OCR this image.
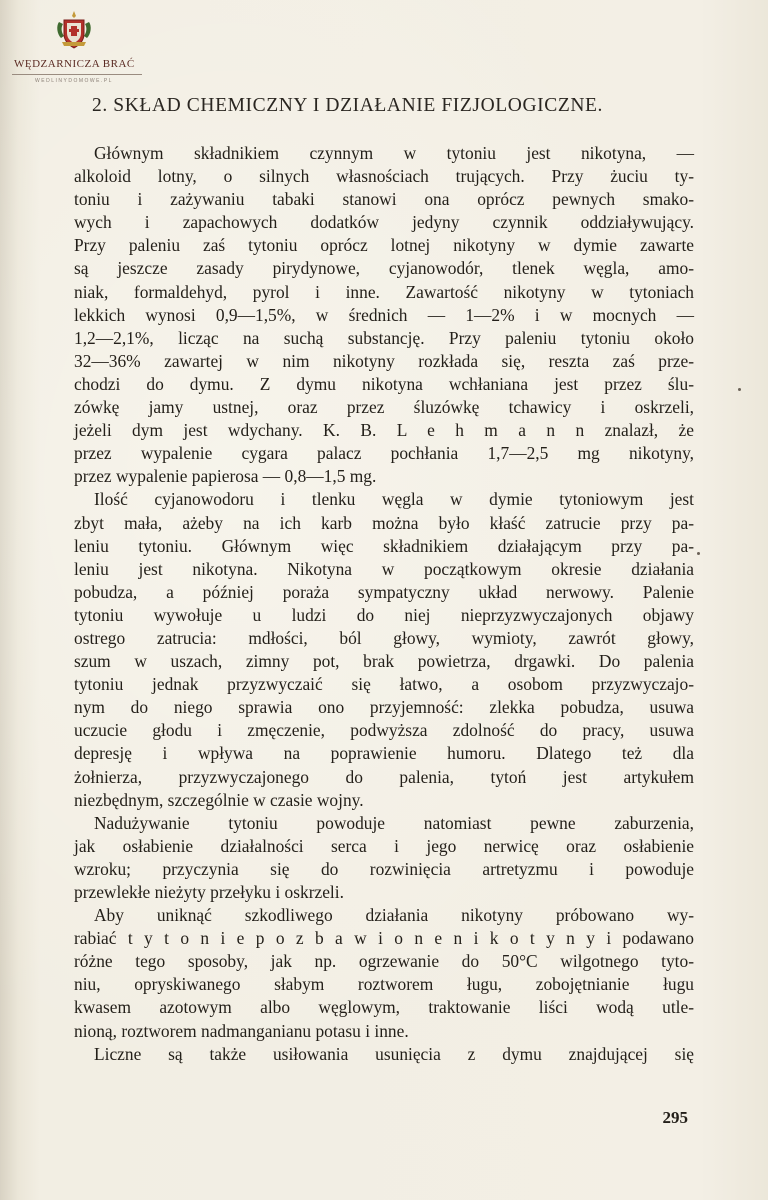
WĘDZARNICZA BRAĆ
WEDLINYDOMOWE.PL
2. SKŁAD CHEMICZNY I DZIAŁANIE FIZJOLOGICZNE.
Głównym składnikiem czynnym w tytoniu jest nikotyna, —
alkoloid lotny, o silnych własnościach trujących. Przy żuciu ty-
toniu i zażywaniu tabaki stanowi ona oprócz pewnych smako-
wych i zapachowych dodatków jedyny czynnik oddziaływujący.
Przy paleniu zaś tytoniu oprócz lotnej nikotyny w dymie zawarte
są jeszcze zasady pirydynowe, cyjanowodór, tlenek węgla, amo-
niak, formaldehyd, pyrol i inne. Zawartość nikotyny w tytoniach
lekkich wynosi 0,9—1,5%, w średnich — 1—2% i w mocnych —
1,2—2,1%, licząc na suchą substancję. Przy paleniu tytoniu około
32—36% zawartej w nim nikotyny rozkłada się, reszta zaś prze-
chodzi do dymu. Z dymu nikotyna wchłaniana jest przez ślu-
zówkę jamy ustnej, oraz przez śluzówkę tchawicy i oskrzeli,
jeżeli dym jest wdychany. K. B. L e h m a n n znalazł, że
przez wypalenie cygara palacz pochłania 1,7—2,5 mg nikotyny,
przez wypalenie papierosa — 0,8—1,5 mg.
Ilość cyjanowodoru i tlenku węgla w dymie tytoniowym jest
zbyt mała, ażeby na ich karb można było kłaść zatrucie przy pa-
leniu tytoniu. Głównym więc składnikiem działającym przy pa-
leniu jest nikotyna. Nikotyna w początkowym okresie działania
pobudza, a później poraża sympatyczny układ nerwowy. Palenie
tytoniu wywołuje u ludzi do niej nieprzyzwyczajonych objawy
ostrego zatrucia: mdłości, ból głowy, wymioty, zawrót głowy,
szum w uszach, zimny pot, brak powietrza, drgawki. Do palenia
tytoniu jednak przyzwyczaić się łatwo, a osobom przyzwyczajo-
nym do niego sprawia ono przyjemność: zlekka pobudza, usuwa
uczucie głodu i zmęczenie, podwyższa zdolność do pracy, usuwa
depresję i wpływa na poprawienie humoru. Dlatego też dla
żołnierza, przyzwyczajonego do palenia, tytoń jest artykułem
niezbędnym, szczególnie w czasie wojny.
Nadużywanie tytoniu powoduje natomiast pewne zaburzenia,
jak osłabienie działalności serca i jego nerwicę oraz osłabienie
wzroku; przyczynia się do rozwinięcia artretyzmu i powoduje
przewlekłe nieżyty przełyku i oskrzeli.
Aby uniknąć szkodliwego działania nikotyny próbowano wy-
rabiać t y t o n i e p o z b a w i o n e n i k o t y n y i podawano
różne tego sposoby, jak np. ogrzewanie do 50°C wilgotnego tyto-
niu, opryskiwanego słabym roztworem ługu, zobojętnianie ługu
kwasem azotowym albo węglowym, traktowanie liści wodą utle-
nioną, roztworem nadmanganianu potasu i inne.
Liczne są także usiłowania usunięcia z dymu znajdującej się
295
